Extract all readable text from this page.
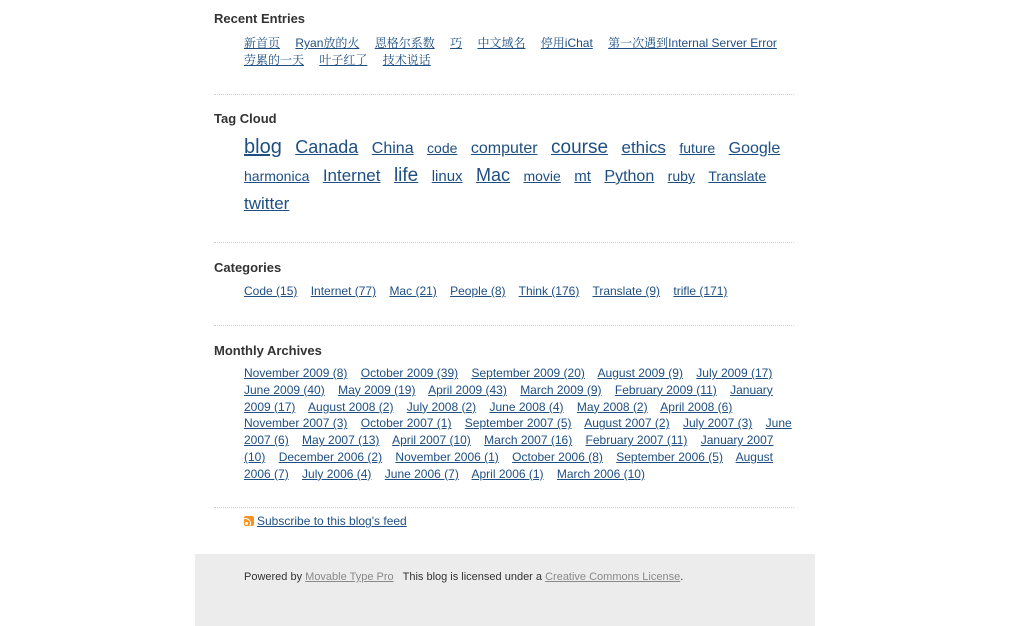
Recent Entries
新首页 Ryan放的火 恩格尔系数 巧 中文域名 停用iChat 第一次遇到Internal Server Error 劳累的一天 叶子红了 技术说话
Tag Cloud
blog Canada China code computer course ethics future Google harmonica Internet life linux Mac movie mt Python ruby Translate twitter
Categories
Code (15) Internet (77) Mac (21) People (8) Think (176) Translate (9) trifle (171)
Monthly Archives
November 2009 (8) October 2009 (39) September 2009 (20) August 2009 (9) July 2009 (17) June 2009 (40) May 2009 (19) April 2009 (43) March 2009 (9) February 2009 (11) January 2009 (17) August 2008 (2) July 2008 (2) June 2008 (4) May 2008 (2) April 2008 (6) November 2007 (3) October 2007 (1) September 2007 (5) August 2007 (2) July 2007 (3) June 2007 (6) May 2007 (13) April 2007 (10) March 2007 (16) February 2007 (11) January 2007 (10) December 2006 (2) November 2006 (1) October 2006 (8) September 2006 (5) August 2006 (7) July 2006 (4) June 2006 (7) April 2006 (1) March 2006 (10)
Subscribe to this blog's feed
Powered by Movable Type Pro This blog is licensed under a Creative Commons License.
